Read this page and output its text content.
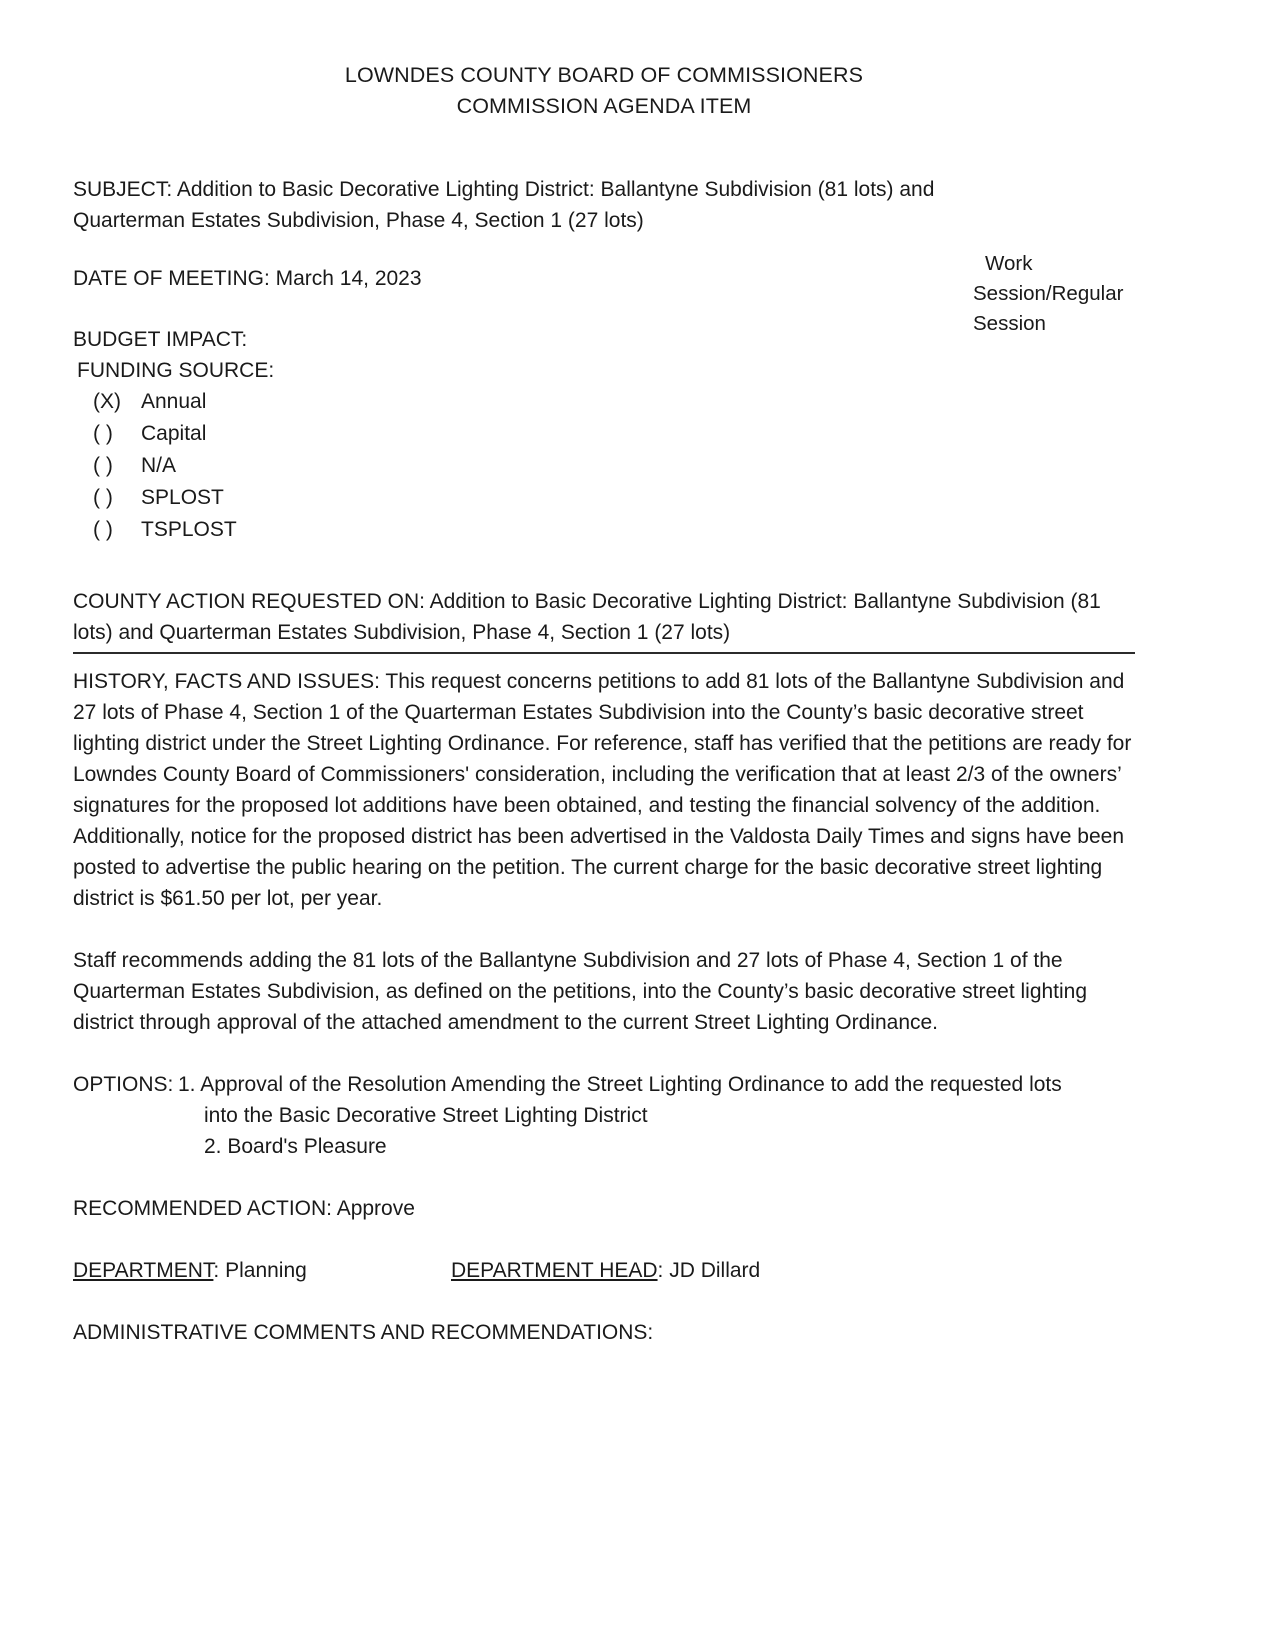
LOWNDES COUNTY BOARD OF COMMISSIONERS
COMMISSION AGENDA ITEM
SUBJECT: Addition to Basic Decorative Lighting District: Ballantyne Subdivision (81 lots) and Quarterman Estates Subdivision, Phase 4, Section 1 (27 lots)
DATE OF MEETING: March 14, 2023
Work
Session/Regular
Session
BUDGET IMPACT:
FUNDING SOURCE:
(X) Annual
( )	Capital
( )	N/A
( )	SPLOST
( )	TSPLOST
COUNTY ACTION REQUESTED ON: Addition to Basic Decorative Lighting District: Ballantyne Subdivision (81 lots) and Quarterman Estates Subdivision, Phase 4, Section 1 (27 lots)

HISTORY, FACTS AND ISSUES: This request concerns petitions to add 81 lots of the Ballantyne Subdivision and 27 lots of Phase 4, Section 1 of the Quarterman Estates Subdivision into the County’s basic decorative street lighting district under the Street Lighting Ordinance. For reference, staff has verified that the petitions are ready for Lowndes County Board of Commissioners' consideration, including the verification that at least 2/3 of the owners’ signatures for the proposed lot additions have been obtained, and testing the financial solvency of the addition. Additionally, notice for the proposed district has been advertised in the Valdosta Daily Times and signs have been posted to advertise the public hearing on the petition. The current charge for the basic decorative street lighting district is $61.50 per lot, per year.

Staff recommends adding the 81 lots of the Ballantyne Subdivision and 27 lots of Phase 4, Section 1 of the Quarterman Estates Subdivision, as defined on the petitions, into the County’s basic decorative street lighting district through approval of the attached amendment to the current Street Lighting Ordinance.

OPTIONS: 1. Approval of the Resolution Amending the Street Lighting Ordinance to add the requested lots
into the Basic Decorative Street Lighting District
2. Board's Pleasure
RECOMMENDED ACTION: Approve
DEPARTMENT: Planning	DEPARTMENT HEAD: JD Dillard
ADMINISTRATIVE COMMENTS AND RECOMMENDATIONS:
